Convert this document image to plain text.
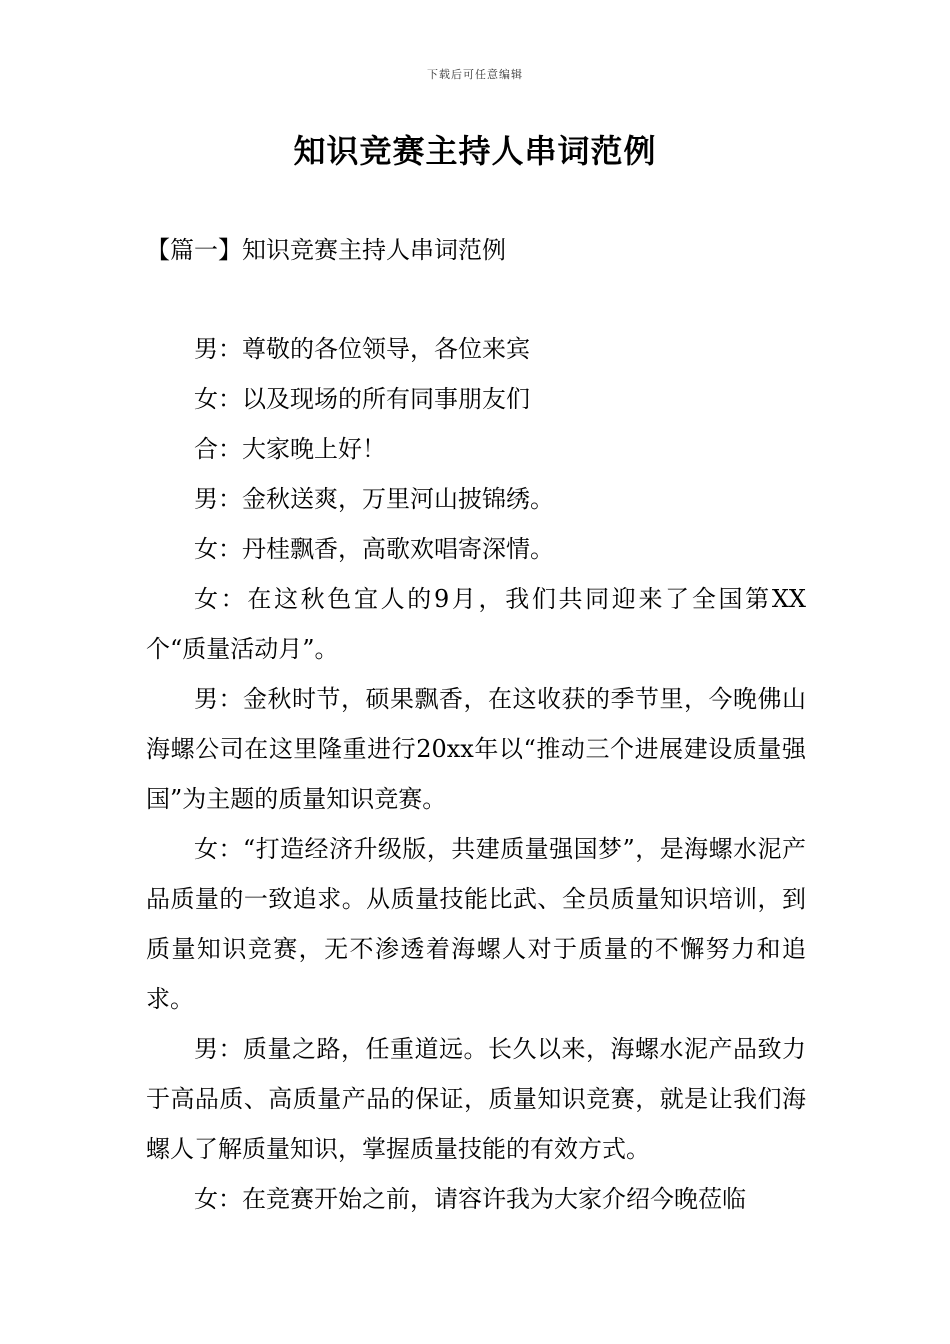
下载后可任意编辑
知识竞赛主持人串词范例
【篇一】知识竞赛主持人串词范例

男：尊敬的各位领导，各位来宾

女：以及现场的所有同事朋友们

合：大家晚上好！

男：金秋送爽，万里河山披锦绣。

女：丹桂飘香，高歌欢唱寄深情。

女：在这秋色宜人的9月，我们共同迎来了全国第XX个“质量活动月”。

男：金秋时节，硕果飘香，在这收获的季节里，今晚佛山海螺公司在这里隆重进行20xx年以“推动三个进展建设质量强国”为主题的质量知识竞赛。

女：“打造经济升级版，共建质量强国梦”，是海螺水泥产品质量的一致追求。从质量技能比武、全员质量知识培训，到质量知识竞赛，无不渗透着海螺人对于质量的不懈努力和追求。

男：质量之路，任重道远。长久以来，海螺水泥产品致力于高品质、高质量产品的保证，质量知识竞赛，就是让我们海螺人了解质量知识，掌握质量技能的有效方式。

女：在竞赛开始之前，请容许我为大家介绍今晚莅临
